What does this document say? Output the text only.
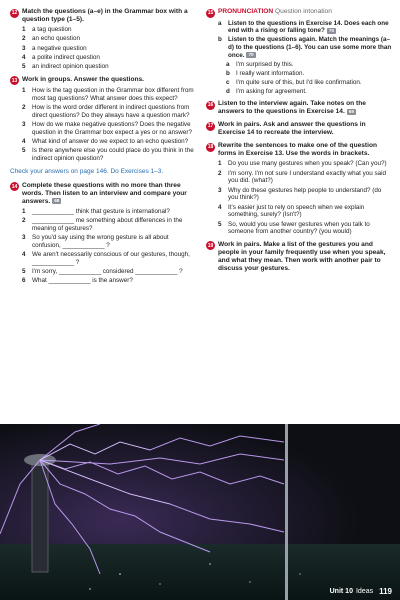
12 Match the questions (a–e) in the Grammar box with a question type (1–5).
1	a tag question
2	an echo question
3	a negative question
4	a polite indirect question
5	an indirect opinion question
13 Work in groups. Answer the questions.
1	How is the tag question in the Grammar box different from most tag questions? What answer does this expect?
2	How is the word order different in indirect questions from direct questions? Do they always have a question mark?
3	How do we make negative questions? Does the negative question in the Grammar box expect a yes or no answer?
4	What kind of answer do we expect to an echo question?
5	Is there anywhere else you could place do you think in the indirect opinion question?
Check your answers on page 146. Do Exercises 1–3.
14 Complete these questions with no more than three words. Then listen to an interview and compare your answers. 68
1	____________ think that gesture is international?
2	____________ me something about differences in the meaning of gestures?
3	So you'd say using the wrong gesture is all about confusion, ____________ ?
4	We aren't necessarily conscious of our gestures, though, ____________ ?
5	I'm sorry, ____________ considered ____________ ?
6	What ____________ is the answer?
15 PRONUNCIATION Question intonation
a	Listen to the questions in Exercise 14. Does each one end with a rising or falling tone? 70
b Listen to the questions again. Match the meanings (a–d) to the questions (1–6). You can use some more than once. 70
a	I'm surprised by this.
b I really want information.
c	I'm quite sure of this, but I'd like confirmation.
d I'm asking for agreement.
16 Listen to the interview again. Take notes on the answers to the questions in Exercise 14. 69
17 Work in pairs. Ask and answer the questions in Exercise 14 to recreate the interview.
18 Rewrite the sentences to make one of the question forms in Exercise 13. Use the words in brackets.
1	Do you use many gestures when you speak? (Can you?)
2	I'm sorry. I'm not sure I understand exactly what you said you did. (what?)
3	Why do these gestures help people to understand? (do you think?)
4	It's easier just to rely on speech when we explain something, surely? (Isn't?)
5	So, would you use fewer gestures when you talk to someone from another country? (you would)
19 Work in pairs. Make a list of the gestures you and people in your family frequently use when you speak, and what they mean. Then work with another pair to discuss your gestures.
Unit 10 Ideas 119
